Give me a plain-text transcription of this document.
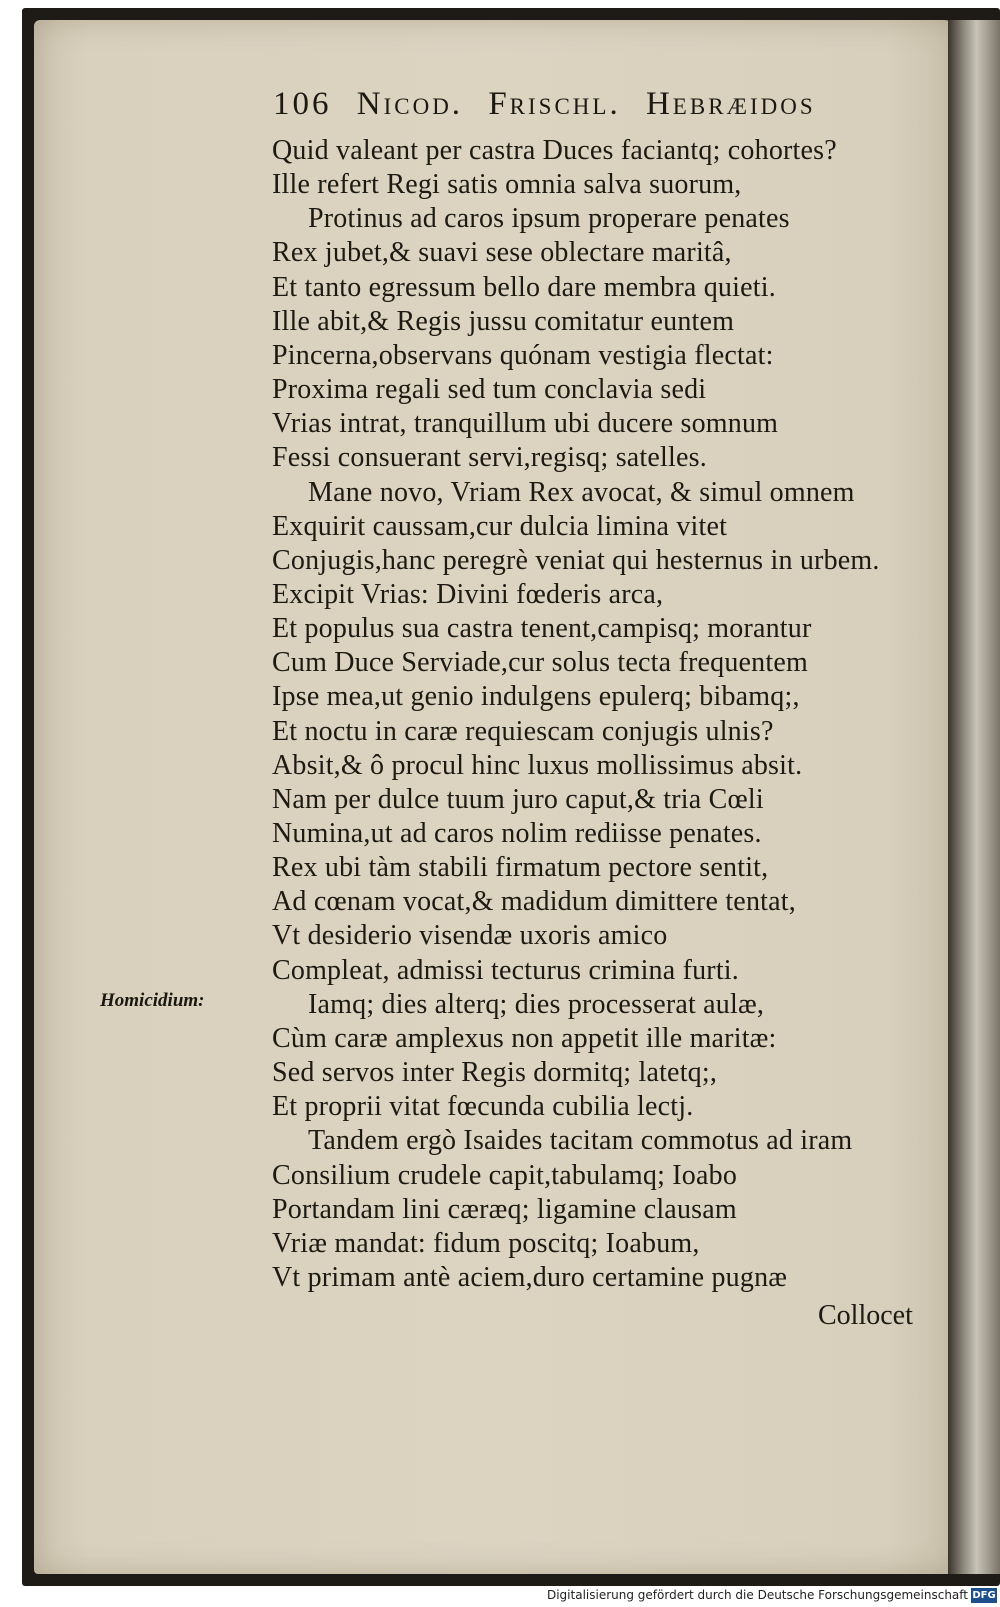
106 Nicod. Frischl. Hebræidos
Homicidium:
Quid valeant per castra Duces faciantq; cohortes?
Ille refert Regi satis omnia salva suorum,
Protinus ad caros ipsum properare penates
Rex jubet,& suavi sese oblectare maritâ,
Et tanto egressum bello dare membra quieti.
Ille abit,& Regis jussu comitatur euntem
Pincerna,observans quónam vestigia flectat:
Proxima regali sed tum conclavia sedi
Vrias intrat, tranquillum ubi ducere somnum
Fessi consuerant servi,regisq; satelles.
Mane novo, Vriam Rex avocat, & simul omnem
Exquirit caussam,cur dulcia limina vitet
Conjugis,hanc peregrè veniat qui hesternus in urbem.
Excipit Vrias: Divini fœderis arca,
Et populus sua castra tenent,campisq; morantur
Cum Duce Serviade,cur solus tecta frequentem
Ipse mea,ut genio indulgens epulerq; bibamq;,
Et noctu in caræ requiescam conjugis ulnis?
Absit,& ô procul hinc luxus mollissimus absit.
Nam per dulce tuum juro caput,& tria Cœli
Numina,ut ad caros nolim rediisse penates.
Rex ubi tàm stabili firmatum pectore sentit,
Ad cœnam vocat,& madidum dimittere tentat,
Vt desiderio visendæ uxoris amico
Compleat, admissi tecturus crimina furti.
Iamq; dies alterq; dies processerat aulæ,
Cùm caræ amplexus non appetit ille maritæ:
Sed servos inter Regis dormitq; latetq;,
Et proprii vitat fœcunda cubilia lectj.
Tandem ergò Isaides tacitam commotus ad iram
Consilium crudele capit,tabulamq; Ioabo
Portandam lini cæræq; ligamine clausam
Vriæ mandat: fidum poscitq; Ioabum,
Vt primam antè aciem,duro certamine pugnæ
Collocet
Digitalisierung gefördert durch die Deutsche Forschungsgemeinschaft DFG
